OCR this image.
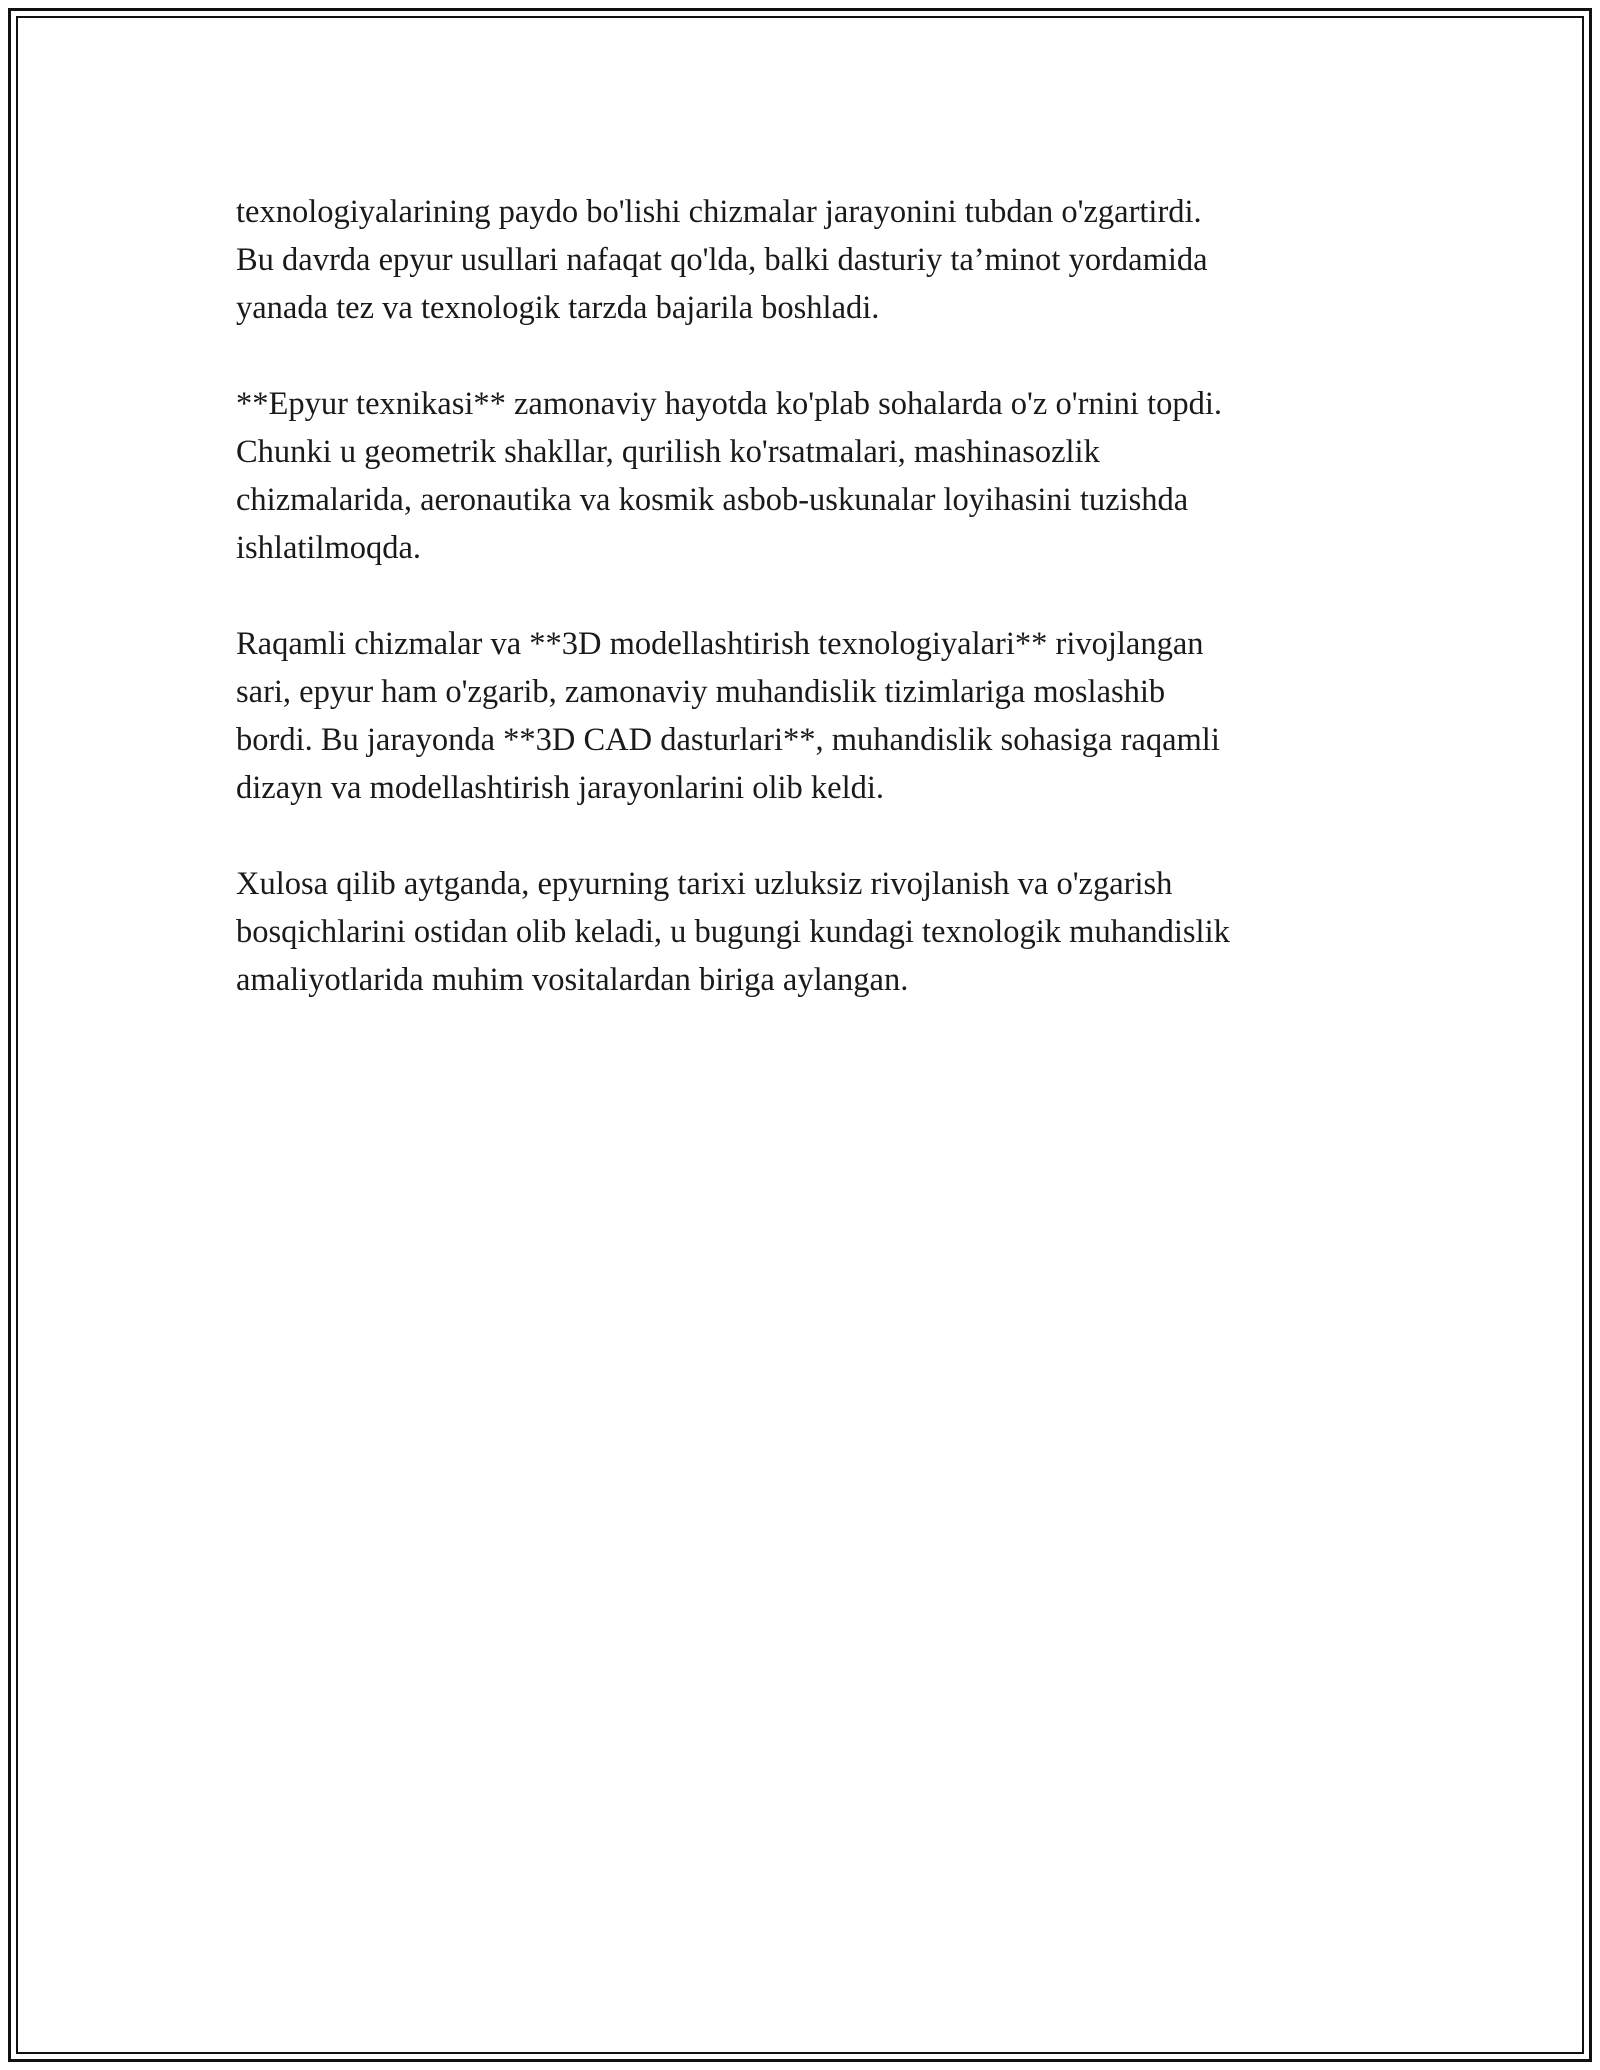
texnologiyalarining paydo bo'lishi chizmalar jarayonini tubdan o'zgartirdi.
Bu davrda epyur usullari nafaqat qo'lda, balki dasturiy ta’minot yordamida
yanada tez va texnologik tarzda bajarila boshladi.

**Epyur texnikasi** zamonaviy hayotda ko'plab sohalarda o'z o'rnini topdi.
Chunki u geometrik shakllar, qurilish ko'rsatmalari, mashinasozlik
chizmalarida, aeronautika va kosmik asbob-uskunalar loyihasini tuzishda
ishlatilmoqda.

Raqamli chizmalar va **3D modellashtirish texnologiyalari** rivojlangan
sari, epyur ham o'zgarib, zamonaviy muhandislik tizimlariga moslashib
bordi. Bu jarayonda **3D CAD dasturlari**, muhandislik sohasiga raqamli
dizayn va modellashtirish jarayonlarini olib keldi.

Xulosa qilib aytganda, epyurning tarixi uzluksiz rivojlanish va o'zgarish
bosqichlarini ostidan olib keladi, u bugungi kundagi texnologik muhandislik
amaliyotlarida muhim vositalardan biriga aylangan.
